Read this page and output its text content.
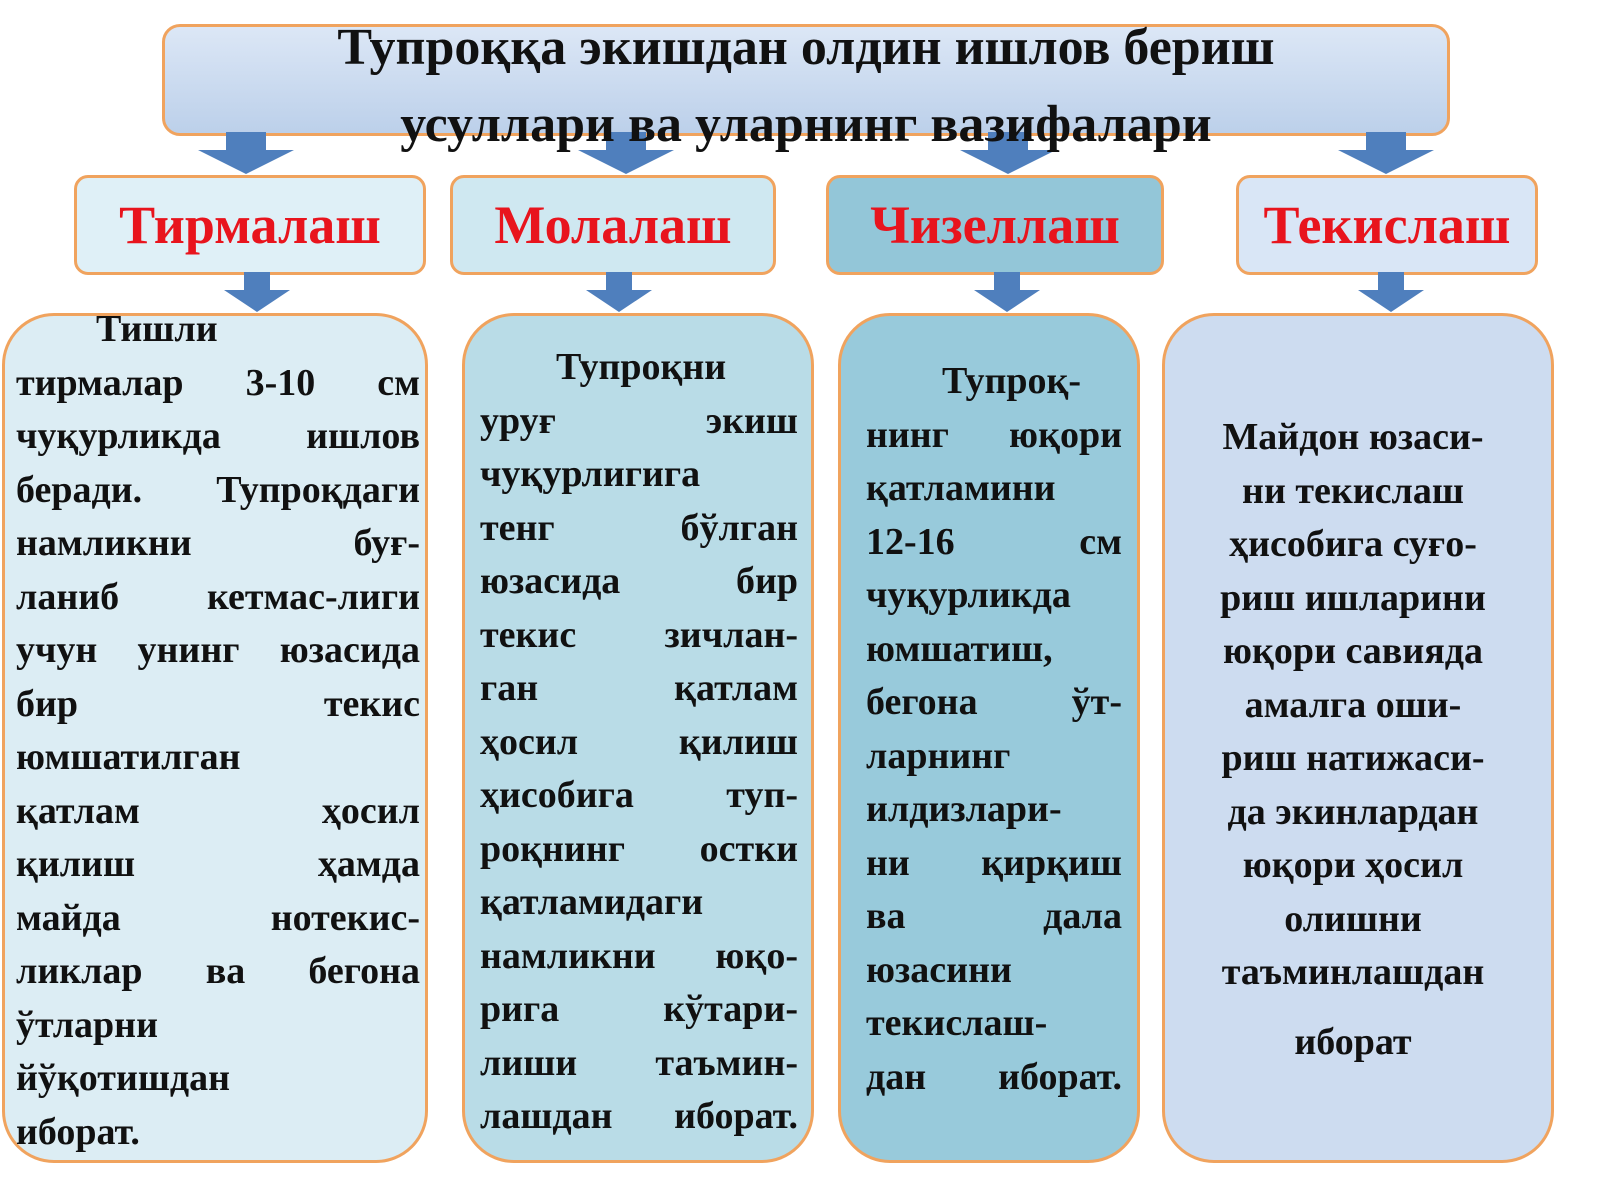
Тупроққа экишдан олдин ишлов бериш
усуллари ва уларнинг вазифалари
Тирмалаш Молалаш	Чизеллаш	Текислаш
Тишли
тирмалар 3-10 см
чуқурликда ишлов
беради. Тупроқдаги
намликни	буғ-
ланиб кетмас-лиги
учун унинг юзасида
бир	текис
юмшатилган
қатлам	ҳосил
қилиш	ҳамда
майда	нотекис-
ликлар ва бегона
ўтларни
йўқотишдан
иборат.
Тупроқни
уруғ	экиш
чуқурлигига
тенг	бўлган
юзасида	бир
текис зичлан-
ган	қатлам
ҳосил	қилиш
ҳисобига туп-
роқнинг остки
қатламидаги
намликни юқо-
рига	кўтари-
лиши таъмин-
лашдан иборат.
Тупроқ-
нинг юқори
қатламини
12-16	см
чуқурликда
юмшатиш,
бегона ўт-
ларнинг
илдизлари-
ни қирқиш
ва	дала
юзасини
текислаш-
дан иборат.
Майдон юзаси-
ни текислаш
ҳисобига суғо-
риш ишларини
юқори савияда
амалга оши-
риш натижаси-
да экинлардан
юқори ҳосил
олишни
таъминлашдан
иборат
